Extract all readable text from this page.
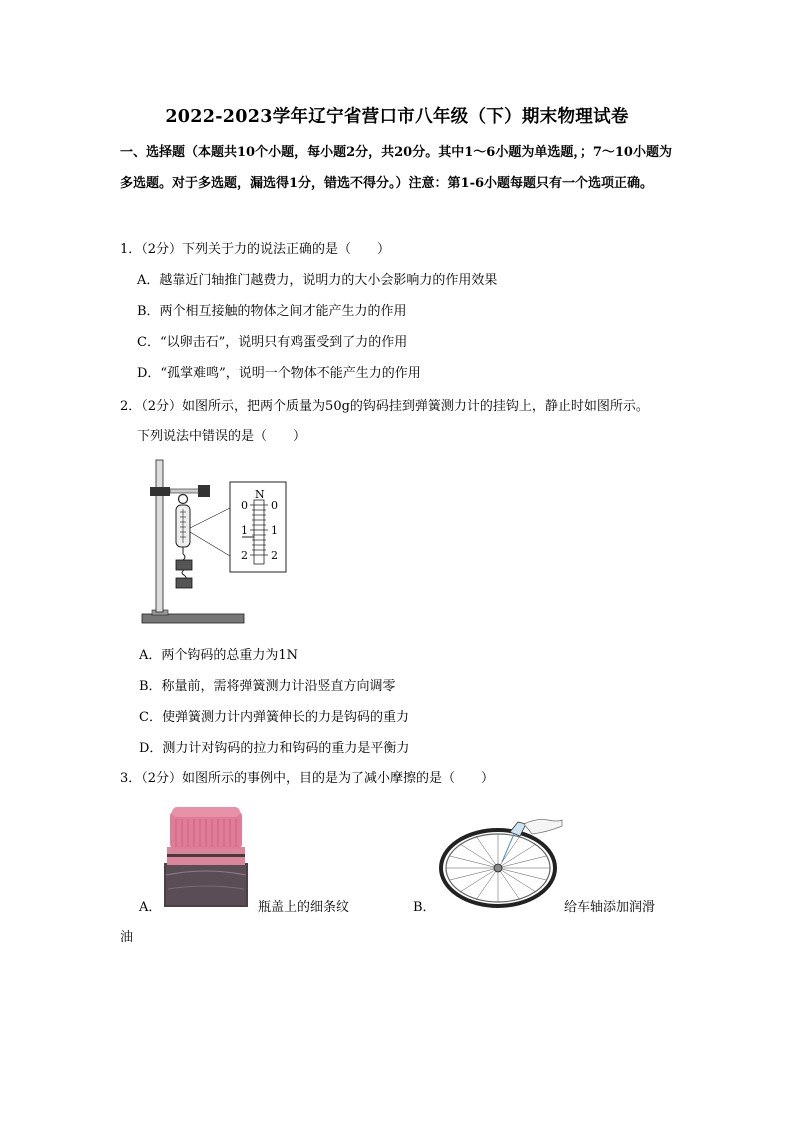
2022-2023学年辽宁省营口市八年级（下）期末物理试卷
一、选择题（本题共10个小题，每小题2分，共20分。其中1～6小题为单选题，；7～10小题为多选题。对于多选题，漏选得1分，错选不得分。）注意：第1-6小题每题只有一个选项正确。
1．（2分）下列关于力的说法正确的是（　　）
A．越靠近门轴推门越费力，说明力的大小会影响力的作用效果
B．两个相互接触的物体之间才能产生力的作用
C．“以卵击石”，说明只有鸡蛋受到了力的作用
D．“孤掌难鸣”，说明一个物体不能产生力的作用
2．（2分）如图所示，把两个质量为50g的钩码挂到弹簧测力计的挂钩上，静止时如图所示。
下列说法中错误的是（　　）
N
0
1
2
0
1
2
A．两个钩码的总重力为1N
B．称量前，需将弹簧测力计沿竖直方向调零
C．使弹簧测力计内弹簧伸长的力是钩码的重力
D．测力计对钩码的拉力和钩码的重力是平衡力
3．（2分）如图所示的事例中，目的是为了减小摩擦的是（　　）
A．	瓶盖上的细条纹	B．	给车轴添加润滑
油
